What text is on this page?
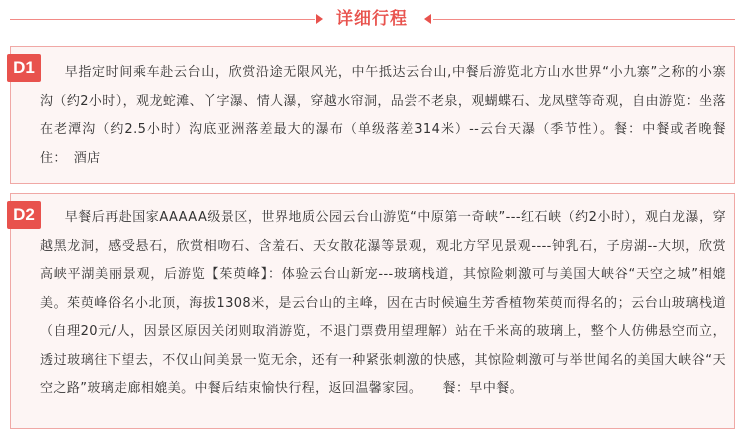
详细行程
D1	早指定时间乘车赴云台山，欣赏沿途无限风光，中午抵达云台山,中餐后游览北方山水世界“小九寨”之称的小寨沟（约2小时），观龙蛇滩、丫字瀑、情人瀑，穿越水帘洞，品尝不老泉，观蝴蝶石、龙凤壁等奇观，自由游览：坐落在老潭沟（约2.5小时）沟底亚洲落差最大的瀑布（单级落差314米）--云台天瀑（季节性）。餐：中餐或者晚餐　住：　酒店

D2	早餐后再赴国家AAAAA级景区，世界地质公园云台山游览“中原第一奇峡”---红石峡（约2小时），观白龙瀑，穿越黑龙洞，感受悬石，欣赏相吻石、含羞石、天女散花瀑等景观，观北方罕见景观----钟乳石，子房湖--大坝，欣赏高峡平湖美丽景观，后游览【茱萸峰】：体验云台山新宠---玻璃栈道，其惊险刺激可与美国大峡谷“天空之城”相媲美。茱萸峰俗名小北顶，海拔1308米，是云台山的主峰，因在古时候遍生芳香植物茱萸而得名的；云台山玻璃栈道（自理20元/人，因景区原因关闭则取消游览，不退门票费用望理解）站在千米高的玻璃上，整个人仿佛悬空而立，透过玻璃往下望去，不仅山间美景一览无余，还有一种紧张刺激的快感，其惊险刺激可与举世闻名的美国大峡谷“天空之路”玻璃走廊相媲美。中餐后结束愉快行程，返回温馨家园。　　餐：早中餐。
